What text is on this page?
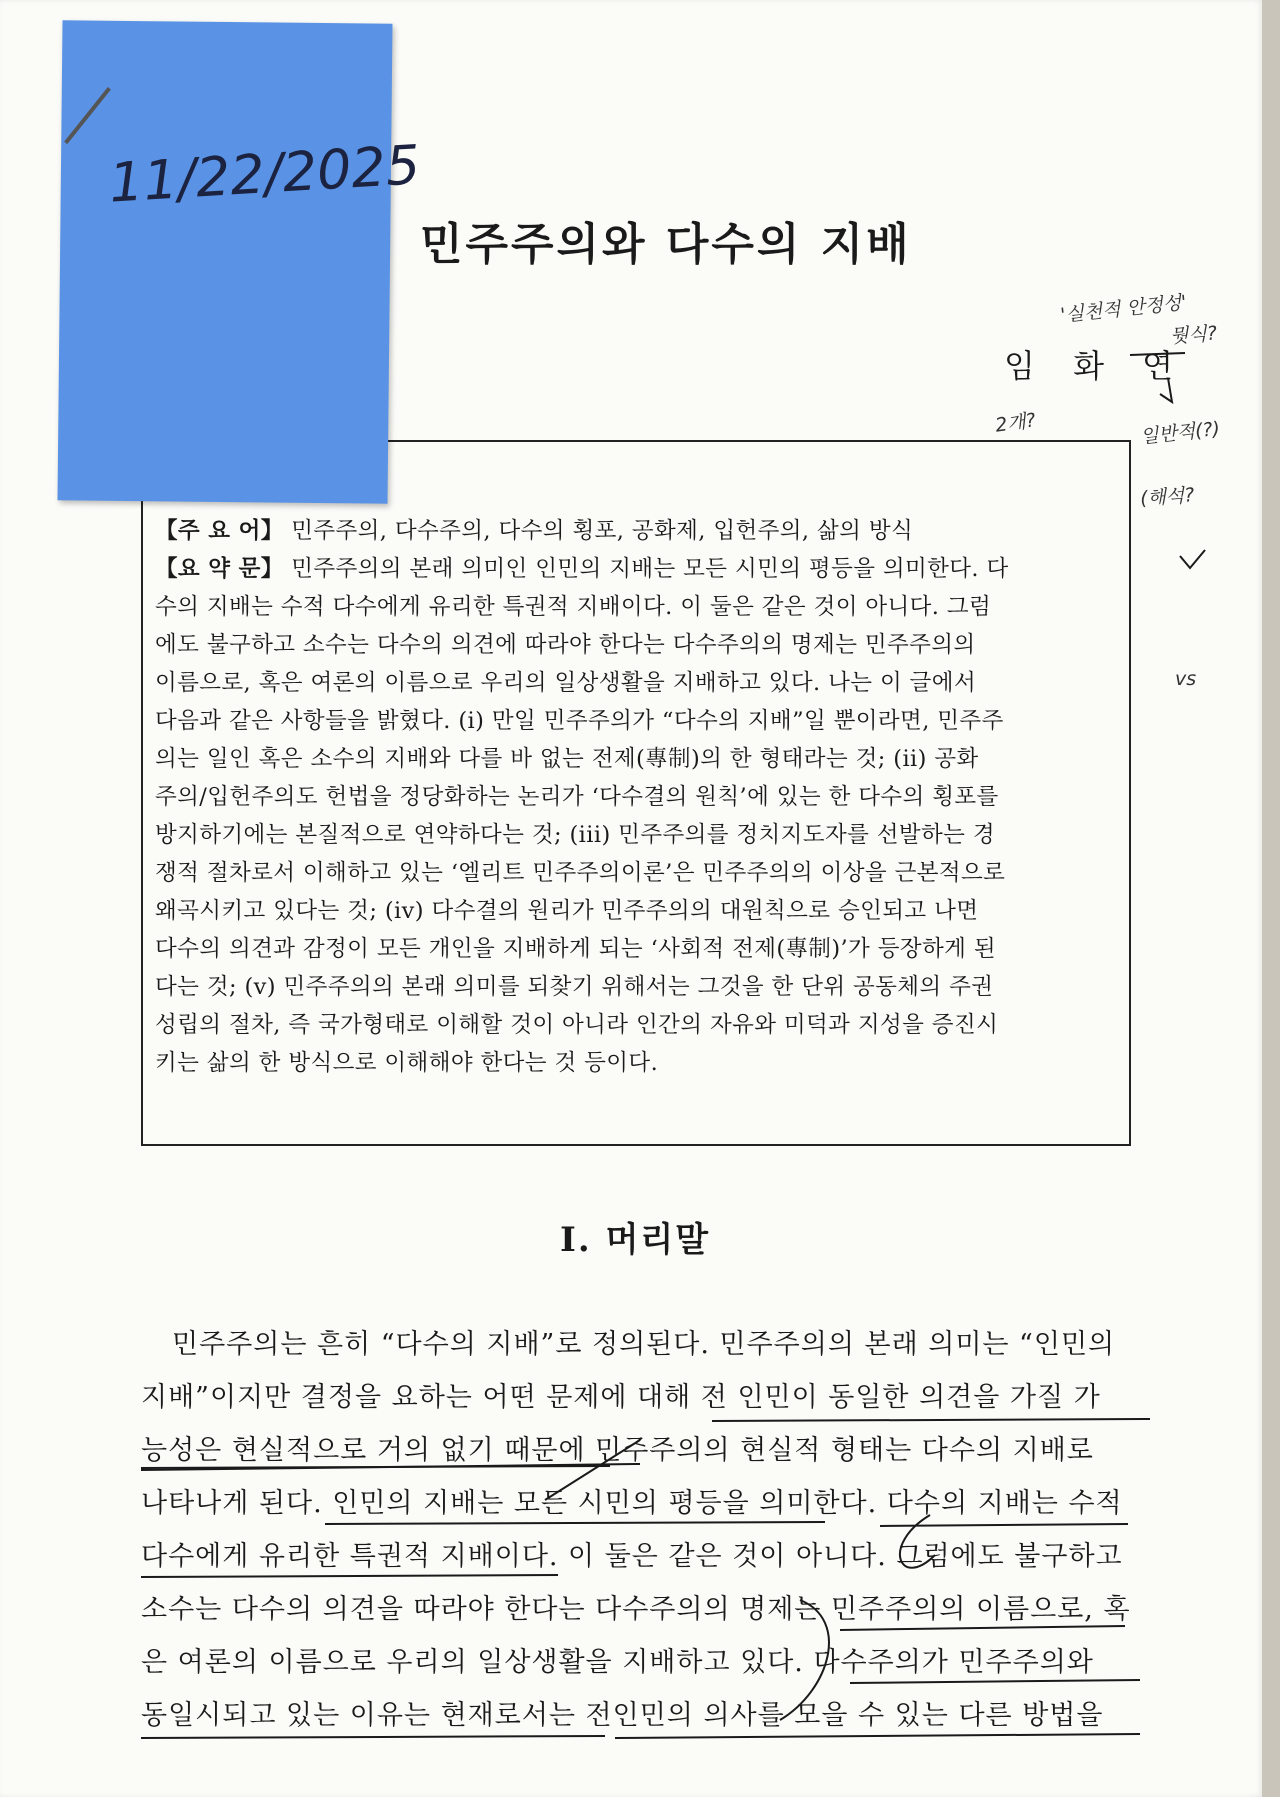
민주주의와 다수의 지배
임 화 연
【주 요 어】 민주주의, 다수주의, 다수의 횡포, 공화제, 입헌주의, 삶의 방식
【요 약 문】 민주주의의 본래 의미인 인민의 지배는 모든 시민의 평등을 의미한다. 다
수의 지배는 수적 다수에게 유리한 특권적 지배이다. 이 둘은 같은 것이 아니다. 그럼
에도 불구하고 소수는 다수의 의견에 따라야 한다는 다수주의의 명제는 민주주의의
이름으로, 혹은 여론의 이름으로 우리의 일상생활을 지배하고 있다. 나는 이 글에서
다음과 같은 사항들을 밝혔다. (i) 만일 민주주의가 “다수의 지배”일 뿐이라면, 민주주
의는 일인 혹은 소수의 지배와 다를 바 없는 전제(專制)의 한 형태라는 것; (ii) 공화
주의/입헌주의도 헌법을 정당화하는 논리가 ‘다수결의 원칙’에 있는 한 다수의 횡포를
방지하기에는 본질적으로 연약하다는 것; (iii) 민주주의를 정치지도자를 선발하는 경
쟁적 절차로서 이해하고 있는 ‘엘리트 민주주의이론’은 민주주의의 이상을 근본적으로
왜곡시키고 있다는 것; (iv) 다수결의 원리가 민주주의의 대원칙으로 승인되고 나면
다수의 의견과 감정이 모든 개인을 지배하게 되는 ‘사회적 전제(專制)’가 등장하게 된
다는 것; (v) 민주주의의 본래 의미를 되찾기 위해서는 그것을 한 단위 공동체의 주권
성립의 절차, 즉 국가형태로 이해할 것이 아니라 인간의 자유와 미덕과 지성을 증진시
키는 삶의 한 방식으로 이해해야 한다는 것 등이다.
I. 머리말
민주주의는 흔히 “다수의 지배”로 정의된다. 민주주의의 본래 의미는 “인민의
지배”이지만 결정을 요하는 어떤 문제에 대해 전 인민이 동일한 의견을 가질 가
능성은 현실적으로 거의 없기 때문에 민주주의의 현실적 형태는 다수의 지배로
나타나게 된다. 인민의 지배는 모든 시민의 평등을 의미한다. 다수의 지배는 수적
다수에게 유리한 특권적 지배이다. 이 둘은 같은 것이 아니다. 그럼에도 불구하고
소수는 다수의 의견을 따라야 한다는 다수주의의 명제는 민주주의의 이름으로, 혹
은 여론의 이름으로 우리의 일상생활을 지배하고 있다. 다수주의가 민주주의와
동일시되고 있는 이유는 현재로서는 전인민의 의사를 모을 수 있는 다른 방법을
'실천적 안정성'
뭣식?
일반적(?)
(해석?
vs
2개?
11/22/2025
